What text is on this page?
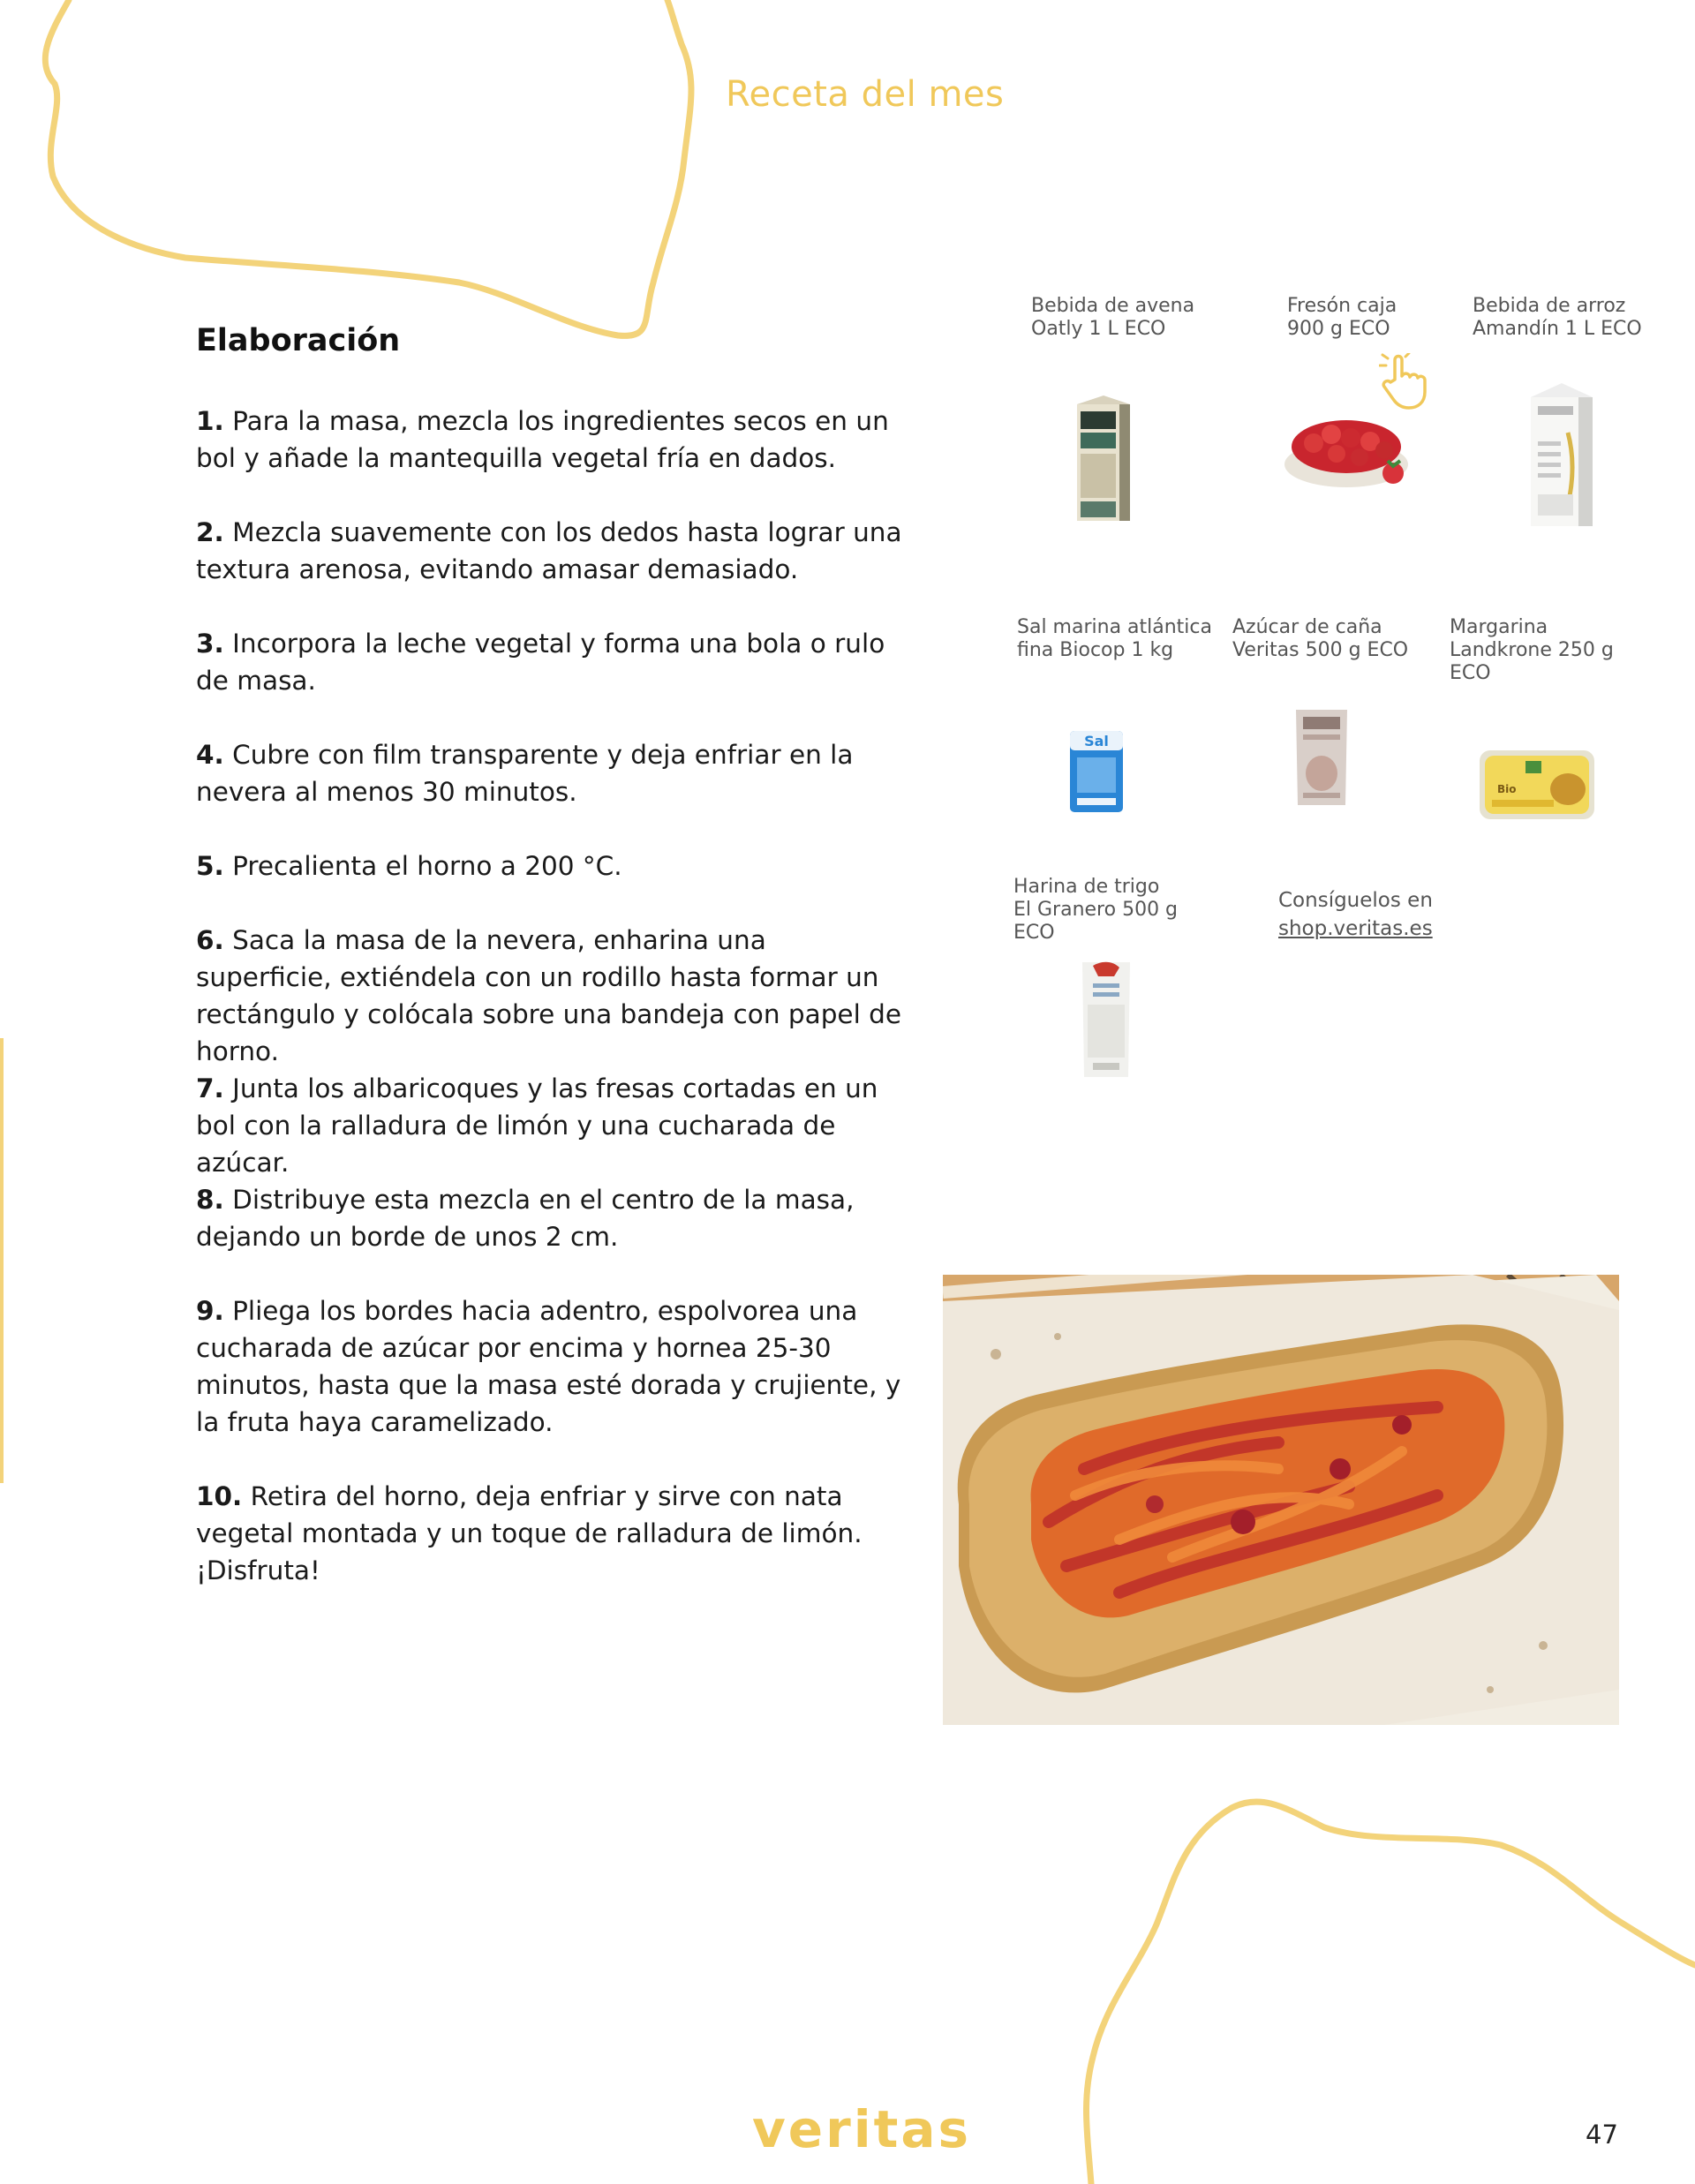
Receta del mes
Elaboración

1. Para la masa, mezcla los ingredientes secos en un bol y añade la mantequilla vegetal fría en dados.

2. Mezcla suavemente con los dedos hasta lograr una textura arenosa, evitando amasar demasiado.

3. Incorpora la leche vegetal y forma una bola o rulo de masa.

4. Cubre con film transparente y deja enfriar en la nevera al menos 30 minutos.

5. Precalienta el horno a 200 °C.

6. Saca la masa de la nevera, enharina una superficie, extiéndela con un rodillo hasta formar un rectángulo y colócala sobre una bandeja con papel de horno.

7. Junta los albaricoques y las fresas cortadas en un bol con la ralladura de limón y una cucharada de azúcar.

8. Distribuye esta mezcla en el centro de la masa, dejando un borde de unos 2 cm.

9. Pliega los bordes hacia adentro, espolvorea una cucharada de azúcar por encima y hornea 25-30 minutos, hasta que la masa esté dorada y crujiente, y la fruta haya caramelizado.

10. Retira del horno, deja enfriar y sirve con nata vegetal montada y un toque de ralladura de limón. ¡Disfruta!

Bebida de avena
Oatly 1 L ECO
Fresón caja
900 g ECO
Bebida de arroz
Amandín 1 L ECO
Sal marina atlántica
fina Biocop 1 kg
Sal
Azúcar de caña
Veritas 500 g ECO
Margarina
Landkrone 250 g
ECO
Bio
Harina de trigo
El Granero 500 g
ECO
Consíguelos en
shop.veritas.es
veritas	47
